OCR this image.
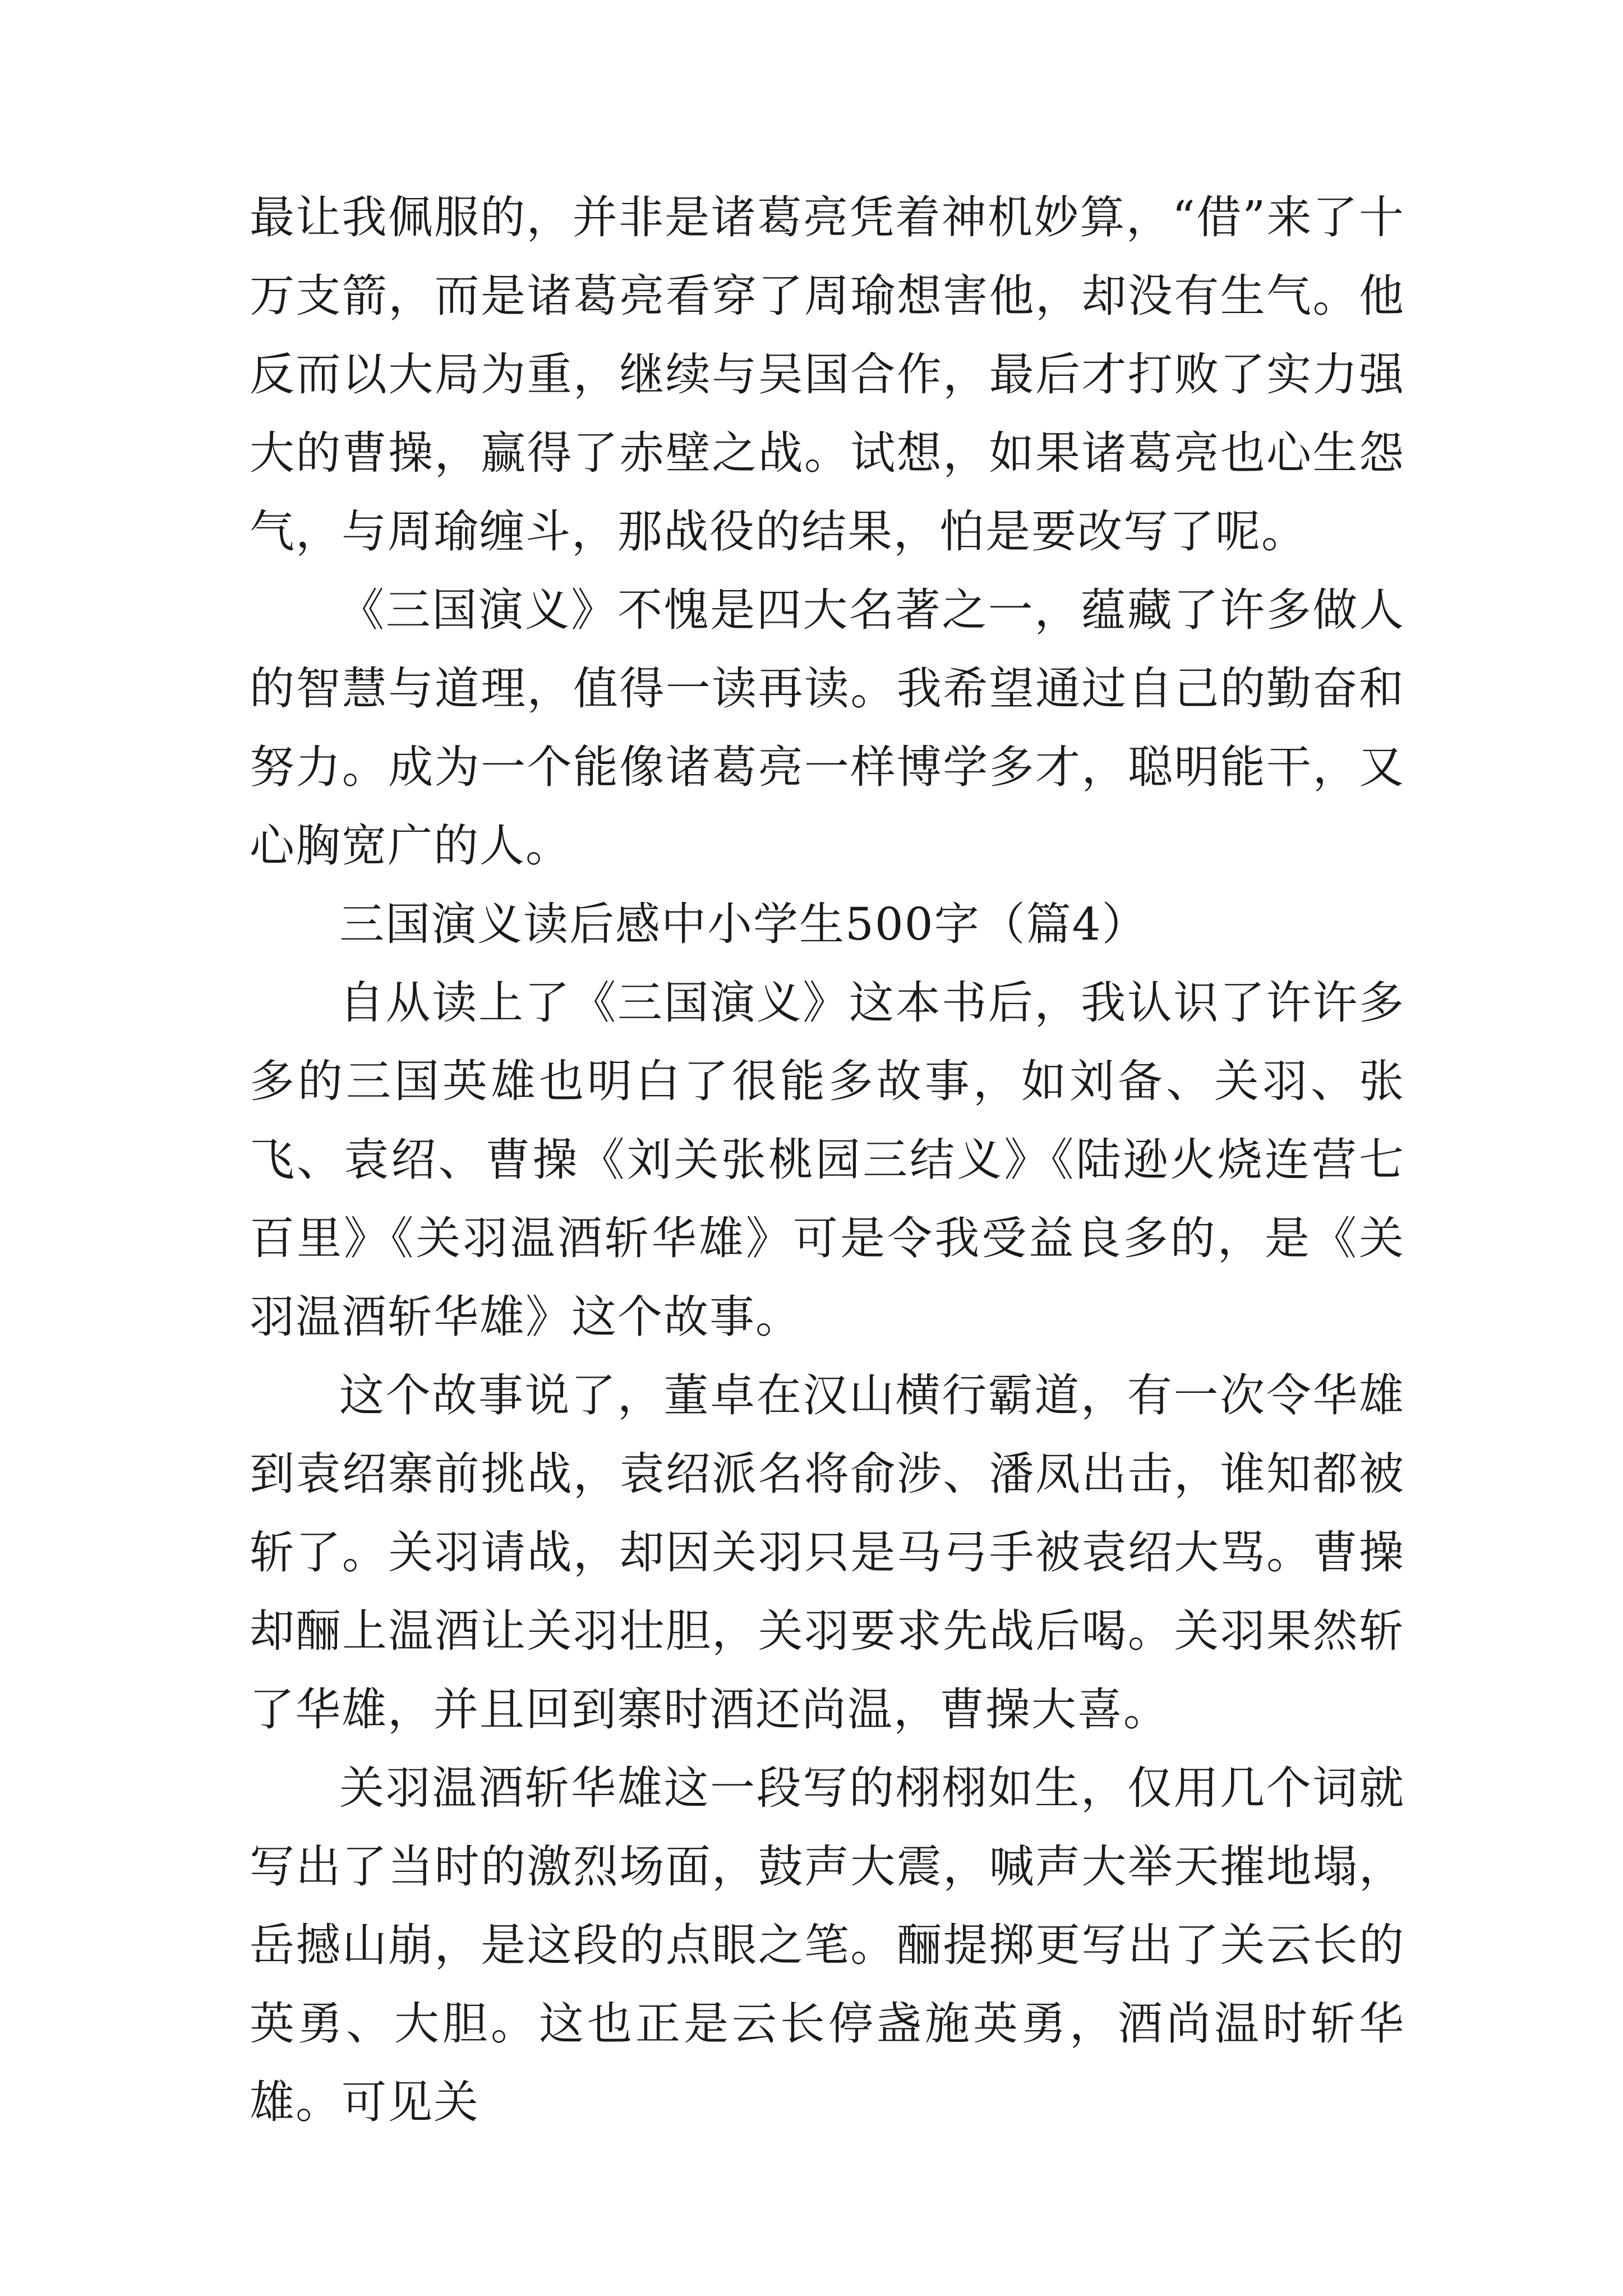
最让我佩服的，并非是诸葛亮凭着神机妙算，“借”来了十万支箭，而是诸葛亮看穿了周瑜想害他，却没有生气。他反而以大局为重，继续与吴国合作，最后才打败了实力强大的曹操，赢得了赤壁之战。试想，如果诸葛亮也心生怨气，与周瑜缠斗，那战役的结果，怕是要改写了呢。

《三国演义》不愧是四大名著之一，蕴藏了许多做人的智慧与道理，值得一读再读。我希望通过自己的勤奋和努力。成为一个能像诸葛亮一样博学多才，聪明能干，又心胸宽广的人。

三国演义读后感中小学生500字（篇4）

自从读上了《三国演义》这本书后，我认识了许许多多的三国英雄也明白了很能多故事，如刘备、关羽、张飞、袁绍、曹操《刘关张桃园三结义》《陆逊火烧连营七百里》《关羽温酒斩华雄》可是令我受益良多的，是《关羽温酒斩华雄》这个故事。

这个故事说了，董卓在汉山横行霸道，有一次令华雄到袁绍寨前挑战，袁绍派名将俞涉、潘凤出击，谁知都被斩了。关羽请战，却因关羽只是马弓手被袁绍大骂。曹操却酾上温酒让关羽壮胆，关羽要求先战后喝。关羽果然斩了华雄，并且回到寨时酒还尚温，曹操大喜。

关羽温酒斩华雄这一段写的栩栩如生，仅用几个词就写出了当时的激烈场面，鼓声大震，喊声大举天摧地塌，岳撼山崩，是这段的点眼之笔。酾提掷更写出了关云长的英勇、大胆。这也正是云长停盏施英勇，酒尚温时斩华雄。可见关
